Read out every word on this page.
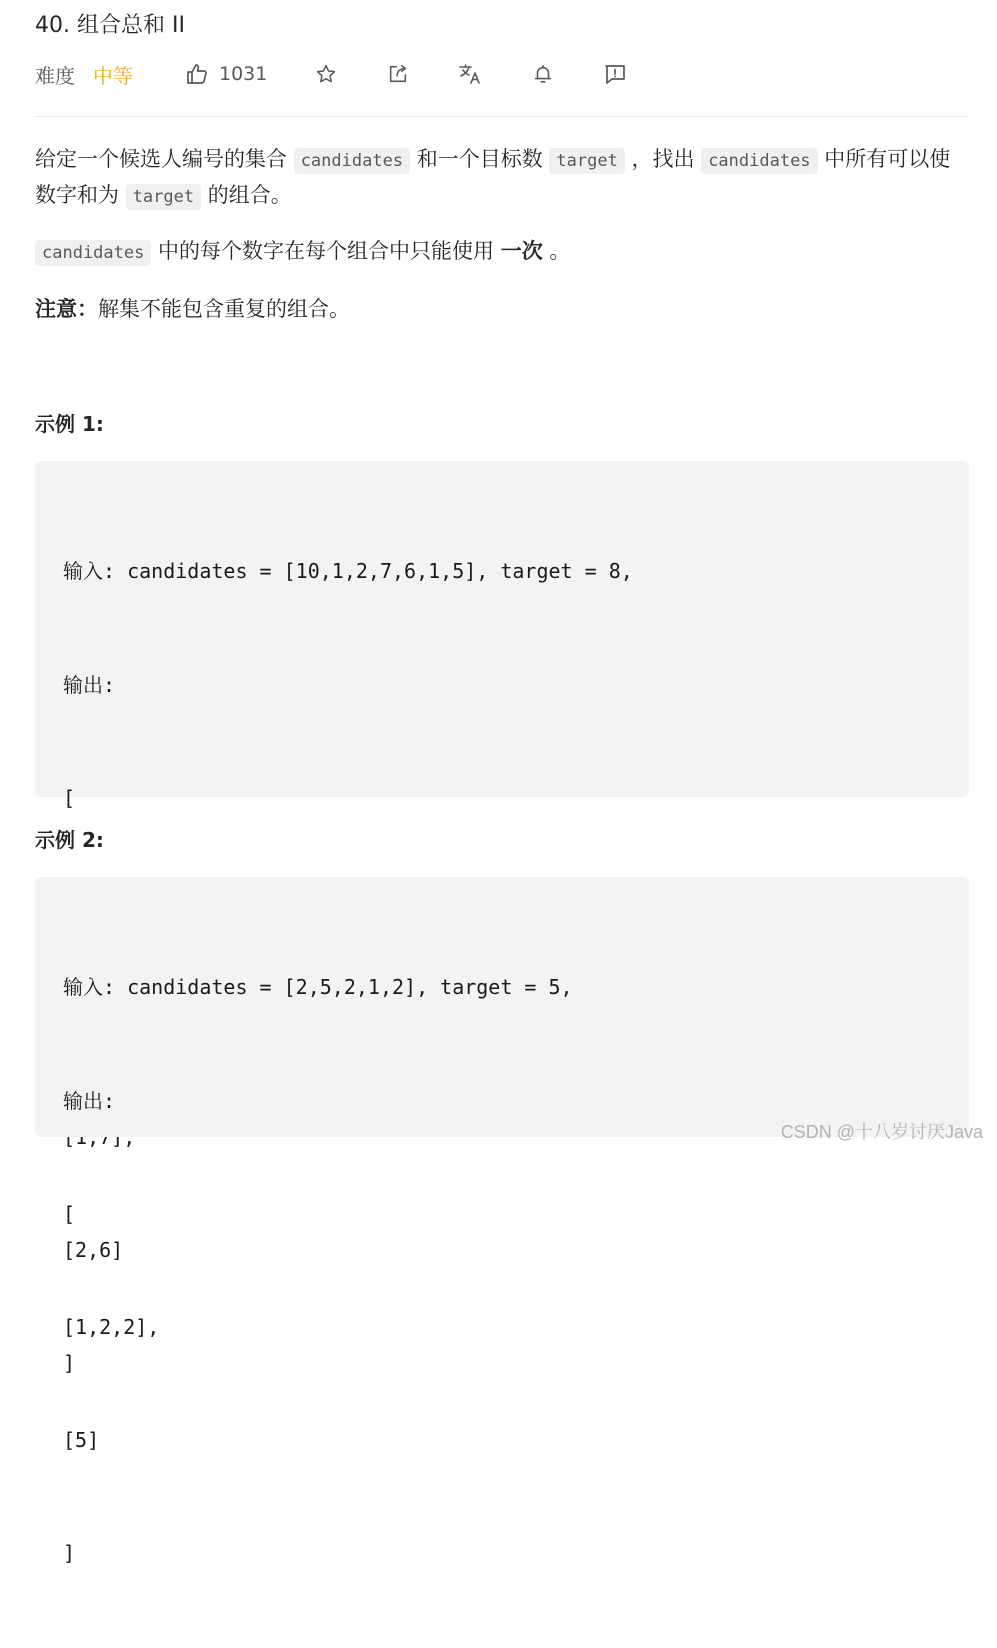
40. 组合总和 II
难度 中等	1031
给定一个候选人编号的集合 candidates 和一个目标数 target ，找出 candidates 中所有可以使数字和为 target 的组合。
candidates 中的每个数字在每个组合中只能使用 一次 。
注意：解集不能包含重复的组合。
示例 1:

输入: candidates = [10,1,2,7,6,1,5], target = 8,

输出:

[

[2,6]

]

示例 2:

输入: candidates = [2,5,2,1,2], target = 5,

输出:

[

[1,2,2],

[5]

]

CSDN @十八岁讨厌Java
